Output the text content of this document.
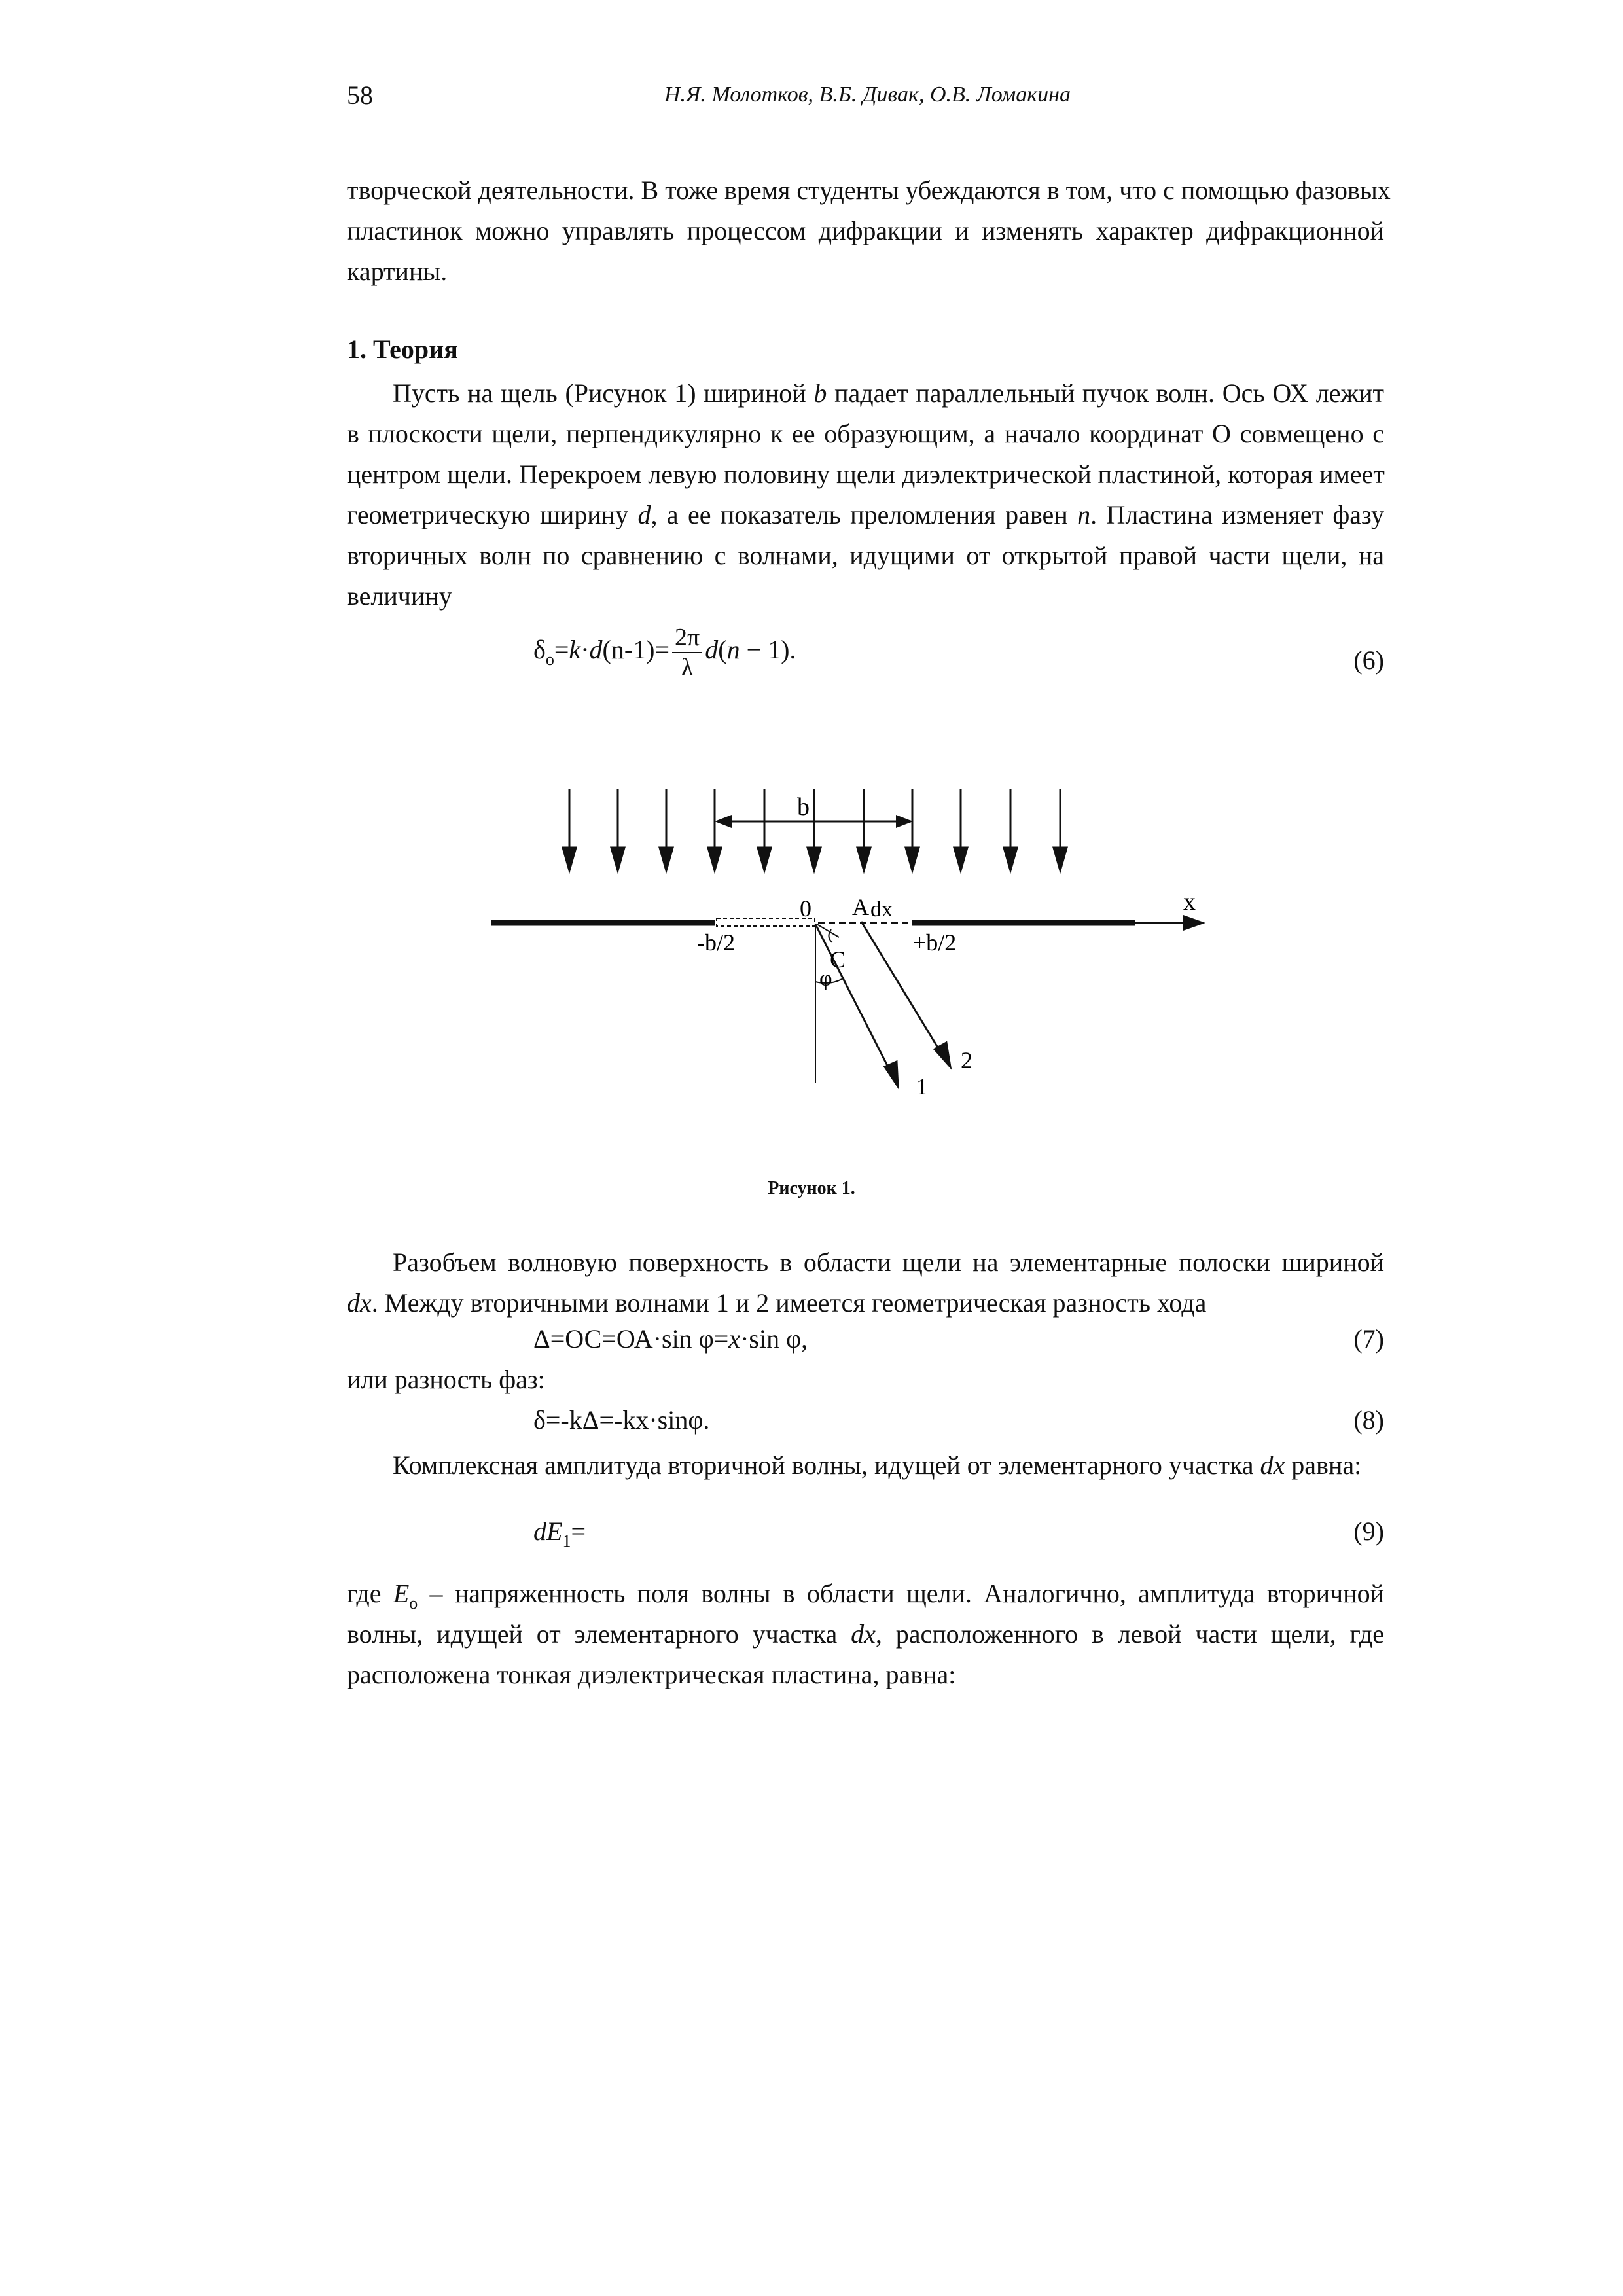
58	Н.Я. Молотков, В.Б. Дивак, О.В. Ломакина
творческой деятельности. В тоже время студенты убеждаются в том, что с помощью фазовых
пластинок можно управлять процессом дифракции и изменять характер дифракционной
картины.
1. Теория
Пусть на щель (Рисунок 1) шириной b падает параллельный пучок волн. Ось ОХ лежит
в плоскости щели, перпендикулярно к ее образующим, а начало координат О совмещено с
центром щели. Перекроем левую половину щели диэлектрической пластиной, которая имеет
геометрическую ширину d, а ее показатель преломления равен n. Пластина изменяет фазу
вторичных волн по сравнению с волнами, идущими от открытой правой части щели, на
величину
$\delta_о=k\cdot d(n-1)= \frac{2\pi}{\lambda} d(n - 1)$.	(6)
b
x
0 A dx
-b/2	+b/2
C
φ
1
2
Рисунок 1.
Разобъем волновую поверхность в области щели на элементарные полоски шириной
dx. Между вторичными волнами 1 и 2 имеется геометрическая разность хода
Δ=ОС=ОА·sin φ=x·sin φ,	(7)
или разность фаз:
δ=-kΔ=-kx·sinφ.	(8)
Комплексная амплитуда вторичной волны, идущей от элементарного участка dx равна:
$dE_1=$	(9)
где $E_о$ – напряженность поля волны в области щели. Аналогично, амплитуда вторичной
волны, идущей от элементарного участка dx, расположенного в левой части щели, где
расположена тонкая диэлектрическая пластина, равна:
